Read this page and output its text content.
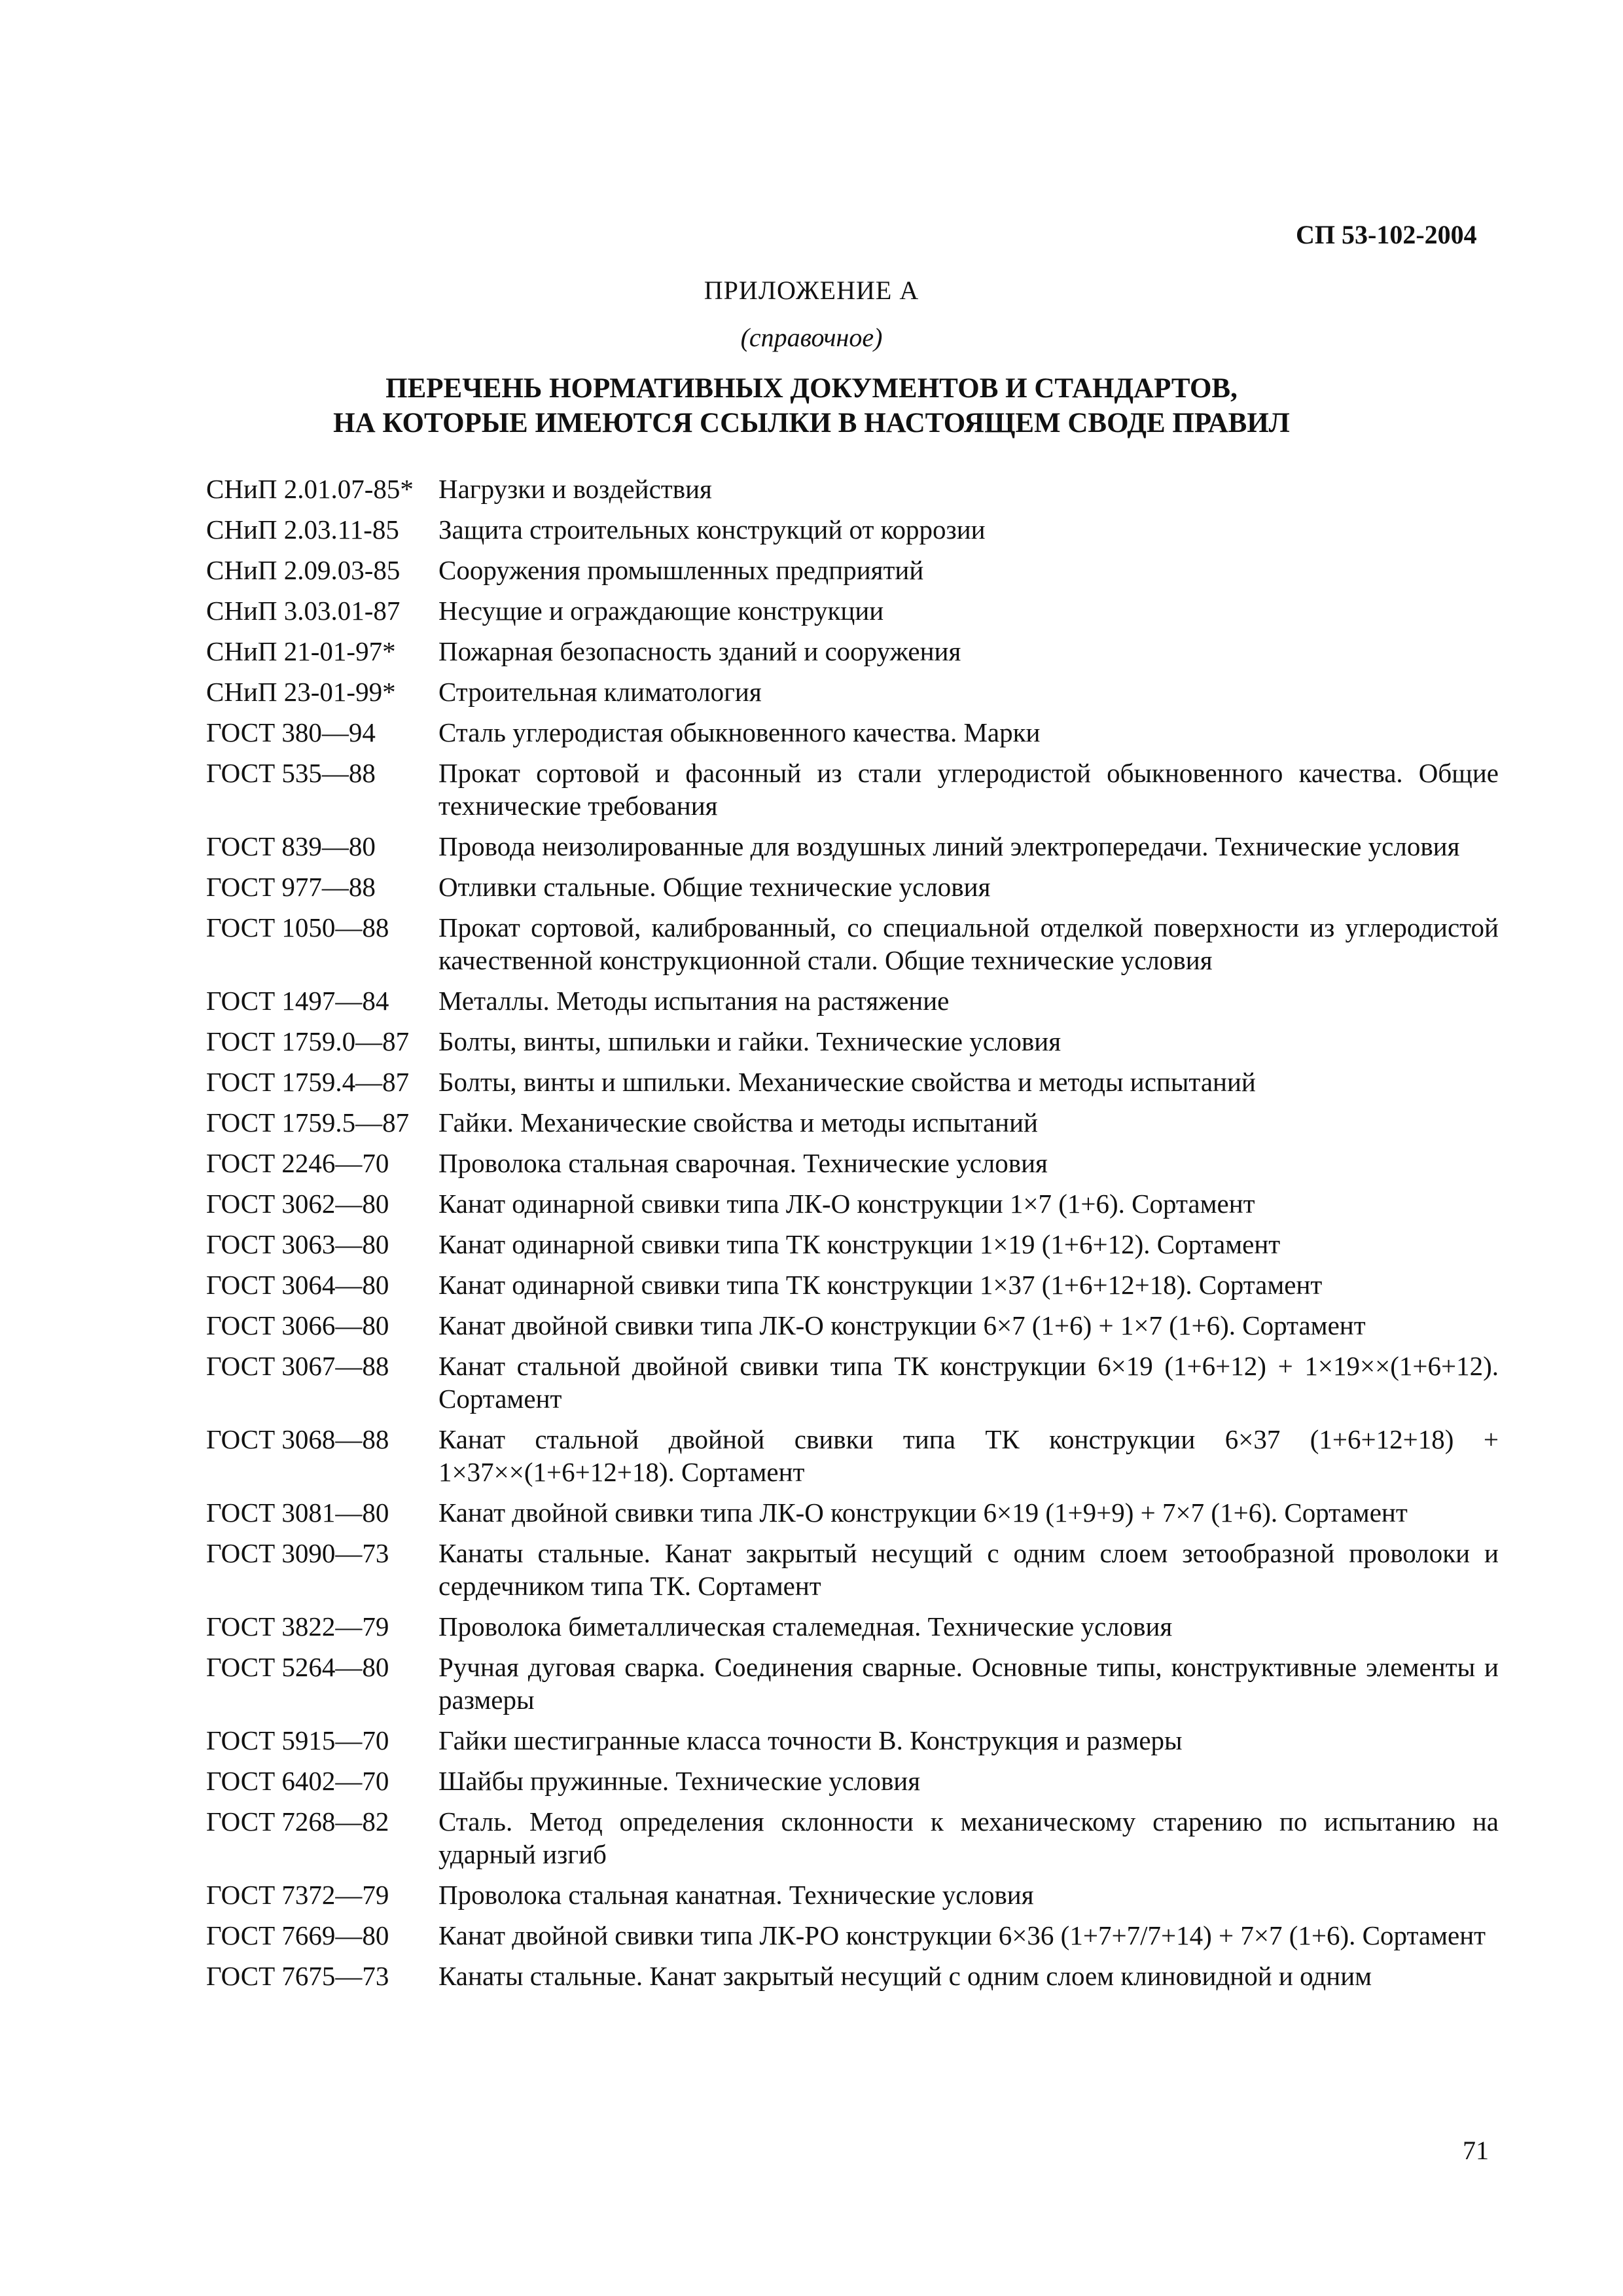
СП 53-102-2004
ПРИЛОЖЕНИЕ А
(справочное)
ПЕРЕЧЕНЬ НОРМАТИВНЫХ ДОКУМЕНТОВ И СТАНДАРТОВ,
НА КОТОРЫЕ ИМЕЮТСЯ ССЫЛКИ В НАСТОЯЩЕМ СВОДЕ ПРАВИЛ
СНиП 2.01.07-85* Нагрузки и воздействия
СНиП 2.03.11-85	Защита строительных конструкций от коррозии
СНиП 2.09.03-85	Сооружения промышленных предприятий
СНиП 3.03.01-87	Несущие и ограждающие конструкции
СНиП 21-01-97*	Пожарная безопасность зданий и сооружения
СНиП 23-01-99*	Строительная климатология
ГОСТ 380—94	Сталь углеродистая обыкновенного качества. Марки
ГОСТ 535—88	Прокат сортовой и фасонный из стали углеродистой обыкновенного качества. Общие технические требования
ГОСТ 839—80	Провода неизолированные для воздушных линий электропередачи. Технические условия
ГОСТ 977—88	Отливки стальные. Общие технические условия
ГОСТ 1050—88	Прокат сортовой, калиброванный, со специальной отделкой поверхности из углеродистой качественной конструкционной стали. Общие технические условия
ГОСТ 1497—84	Металлы. Методы испытания на растяжение
ГОСТ 1759.0—87	Болты, винты, шпильки и гайки. Технические условия
ГОСТ 1759.4—87	Болты, винты и шпильки. Механические свойства и методы испытаний
ГОСТ 1759.5—87	Гайки. Механические свойства и методы испытаний
ГОСТ 2246—70	Проволока стальная сварочная. Технические условия
ГОСТ 3062—80	Канат одинарной свивки типа ЛК-О конструкции 1×7 (1+6). Сортамент
ГОСТ 3063—80	Канат одинарной свивки типа ТК конструкции 1×19 (1+6+12). Сортамент
ГОСТ 3064—80	Канат одинарной свивки типа ТК конструкции 1×37 (1+6+12+18). Сортамент
ГОСТ 3066—80	Канат двойной свивки типа ЛК-О конструкции 6×7 (1+6) + 1×7 (1+6). Сортамент
ГОСТ 3067—88	Канат стальной двойной свивки типа ТК конструкции 6×19 (1+6+12) + 1×19××(1+6+12). Сортамент
ГОСТ 3068—88	Канат стальной двойной свивки типа ТК конструкции 6×37 (1+6+12+18) + 1×37××(1+6+12+18). Сортамент
ГОСТ 3081—80	Канат двойной свивки типа ЛК-О конструкции 6×19 (1+9+9) + 7×7 (1+6). Сортамент
ГОСТ 3090—73	Канаты стальные. Канат закрытый несущий с одним слоем зетообразной проволоки и сердечником типа ТК. Сортамент
ГОСТ 3822—79	Проволока биметаллическая сталемедная. Технические условия
ГОСТ 5264—80	Ручная дуговая сварка. Соединения сварные. Основные типы, конструктивные элементы и размеры
ГОСТ 5915—70	Гайки шестигранные класса точности В. Конструкция и размеры
ГОСТ 6402—70	Шайбы пружинные. Технические условия
ГОСТ 7268—82	Сталь. Метод определения склонности к механическому старению по испытанию на ударный изгиб
ГОСТ 7372—79	Проволока стальная канатная. Технические условия
ГОСТ 7669—80	Канат двойной свивки типа ЛК-РО конструкции 6×36 (1+7+7/7+14) + 7×7 (1+6). Сортамент
ГОСТ 7675—73	Канаты стальные. Канат закрытый несущий с одним слоем клиновидной и одним
71
